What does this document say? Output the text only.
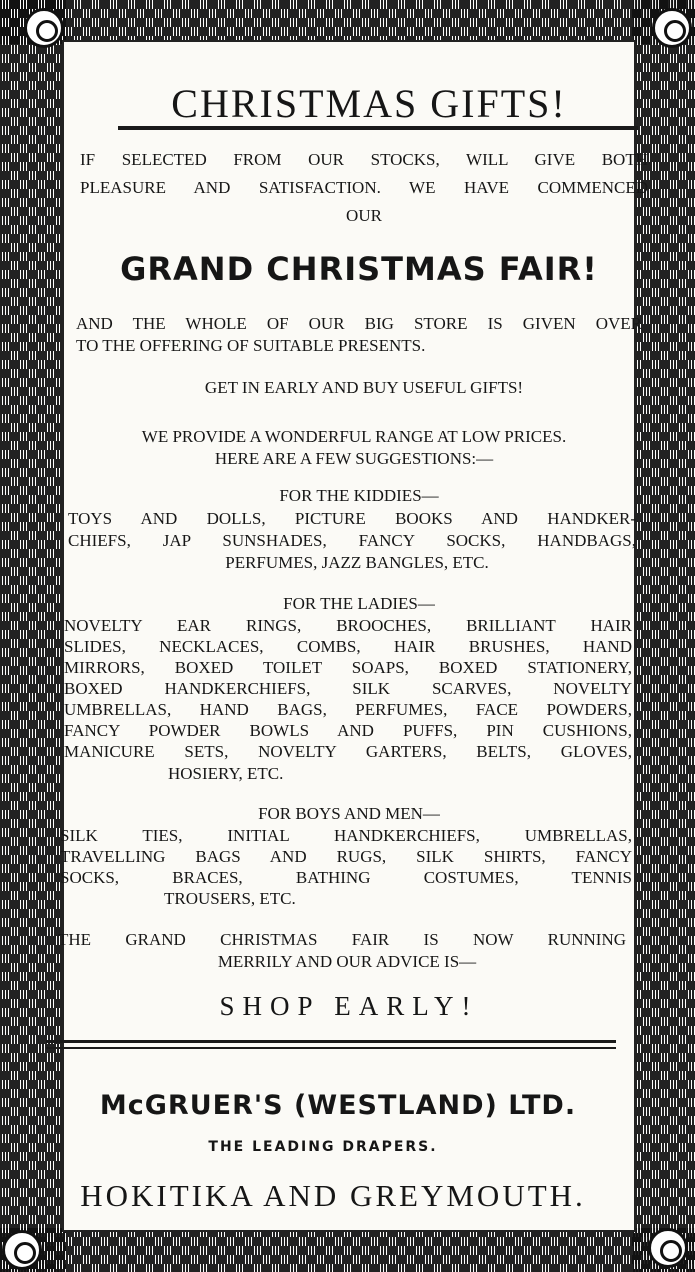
CHRISTMAS GIFTS!
IF SELECTED FROM OUR STOCKS, WILL GIVE BOTH
PLEASURE AND SATISFACTION. WE HAVE COMMENCED
OUR
GRAND CHRISTMAS FAIR!
AND THE WHOLE OF OUR BIG STORE IS GIVEN OVER
TO THE OFFERING OF SUITABLE PRESENTS.
GET IN EARLY AND BUY USEFUL GIFTS!
WE PROVIDE A WONDERFUL RANGE AT LOW PRICES.
HERE ARE A FEW SUGGESTIONS:—
FOR THE KIDDIES—
TOYS AND DOLLS, PICTURE BOOKS AND HANDKER-
CHIEFS, JAP SUNSHADES, FANCY SOCKS, HANDBAGS,
PERFUMES, JAZZ BANGLES, ETC.
FOR THE LADIES—
NOVELTY EAR RINGS, BROOCHES, BRILLIANT HAIR
SLIDES, NECKLACES, COMBS, HAIR BRUSHES, HAND
MIRRORS, BOXED TOILET SOAPS, BOXED STATIONERY,
BOXED HANDKERCHIEFS, SILK SCARVES, NOVELTY
UMBRELLAS, HAND BAGS, PERFUMES, FACE POWDERS,
FANCY POWDER BOWLS AND PUFFS, PIN CUSHIONS,
MANICURE SETS, NOVELTY GARTERS, BELTS, GLOVES,
HOSIERY, ETC.
FOR BOYS AND MEN—
SILK TIES, INITIAL HANDKERCHIEFS, UMBRELLAS,
TRAVELLING BAGS AND RUGS, SILK SHIRTS, FANCY
SOCKS, BRACES, BATHING COSTUMES, TENNIS
TROUSERS, ETC.
THE GRAND CHRISTMAS FAIR IS NOW RUNNING
MERRILY AND OUR ADVICE IS—
SHOP EARLY!
McGRUER'S (WESTLAND) LTD.
THE LEADING DRAPERS.
HOKITIKA AND GREYMOUTH.
